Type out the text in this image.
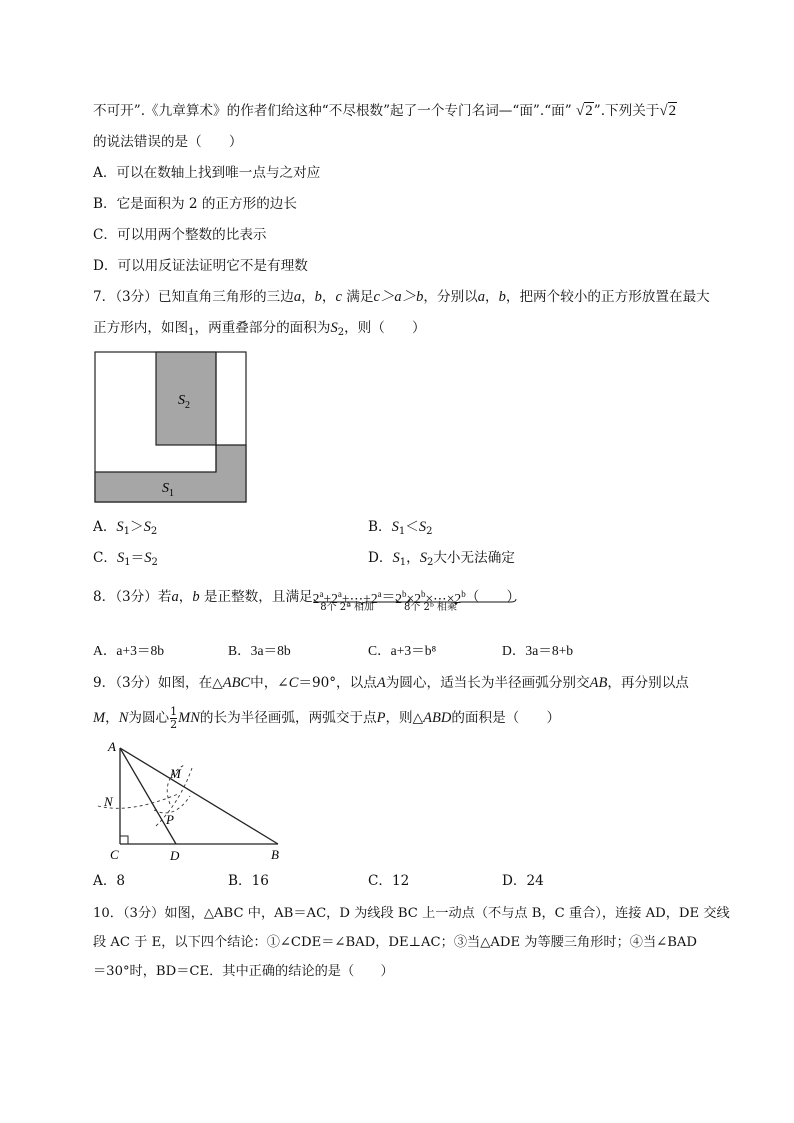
不可开”.《九章算术》的作者们给这种“不尽根数”起了一个专门名词—“面”.“面” √2”.下列关于√2
的说法错误的是（　　）
A．可以在数轴上找到唯一点与之对应
B．它是面积为 2 的正方形的边长
C．可以用两个整数的比表示
D．可以用反证法证明它不是有理数
7．（3分）已知直角三角形的三边a，b，c 满足c＞a＞b，分别以a，b，把两个较小的正方形放置在最大
正方形内，如图$_1$，两重叠部分的面积为$S_2$，则（　　）
$S_2$
$S_1$
A．$S_1>S_2$	B．$S_1<S_2$
C．$S_1=S_2$	D．$S_1$，$S_2$大小无法确定
8．（3分）若a，b 是正整数，且满足$2^a+2^a+\cdots+2^a$
8个 2ª 相加
$=2^b\times 2^b\times\cdots\times 2^b$
8个 2ᵇ 相乘
（　　）
A．a+3＝8b	B．3a＝8b	C．a+3＝b⁸	D．3a＝8+b
9．（3分）如图，在△ABC中，∠C＝90°，以点A为圆心，适当长为半径画弧分别交AB，再分别以点
M，N为圆心 $\frac{1}{2}$ MN的长为半径画弧，两弧交于点P，则△ABD的面积是（　　）
A
M
N
P
C	D	B
A．8	B．16	C．12	D．24
10．（3分）如图，△ABC 中，AB＝AC，D 为线段 BC 上一动点（不与点 B，C 重合），连接 AD，DE 交线
段 AC 于 E，以下四个结论：①∠CDE＝∠BAD，DE⊥AC；③当△ADE 为等腰三角形时；④当∠BAD
＝30°时，BD＝CE．其中正确的结论的是（　　）
